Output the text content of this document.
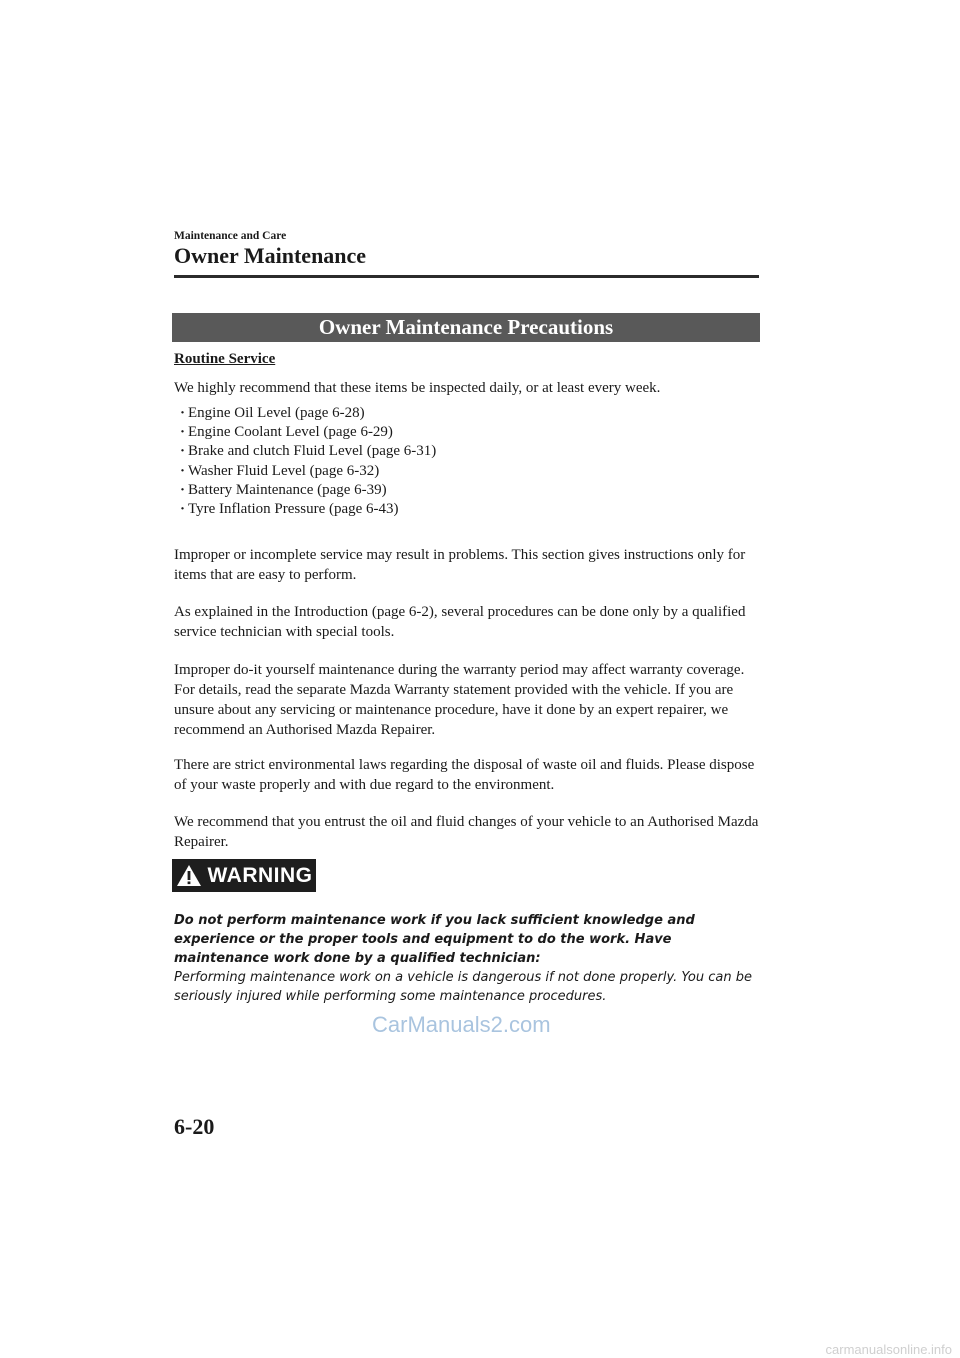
Maintenance and Care
Owner Maintenance
Owner Maintenance Precautions
Routine Service

We highly recommend that these items be inspected daily, or at least every week.

· Engine Oil Level (page 6-28)
· Engine Coolant Level (page 6-29)
· Brake and clutch Fluid Level (page 6-31)
· Washer Fluid Level (page 6-32)
· Battery Maintenance (page 6-39)
· Tyre Inflation Pressure (page 6-43)

Improper or incomplete service may result in problems. This section gives instructions only for items that are easy to perform.

As explained in the Introduction (page 6-2), several procedures can be done only by a qualified service technician with special tools.

Improper do-it yourself maintenance during the warranty period may affect warranty coverage. For details, read the separate Mazda Warranty statement provided with the vehicle. If you are unsure about any servicing or maintenance procedure, have it done by an expert repairer, we recommend an Authorised Mazda Repairer.

There are strict environmental laws regarding the disposal of waste oil and fluids. Please dispose of your waste properly and with due regard to the environment.

We recommend that you entrust the oil and fluid changes of your vehicle to an Authorised Mazda Repairer.

WARNING

Do not perform maintenance work if you lack sufficient knowledge and experience or the proper tools and equipment to do the work. Have maintenance work done by a qualified technician:

Performing maintenance work on a vehicle is dangerous if not done properly. You can be seriously injured while performing some maintenance procedures.

CarManuals2.com
6-20
carmanualsonline.info
